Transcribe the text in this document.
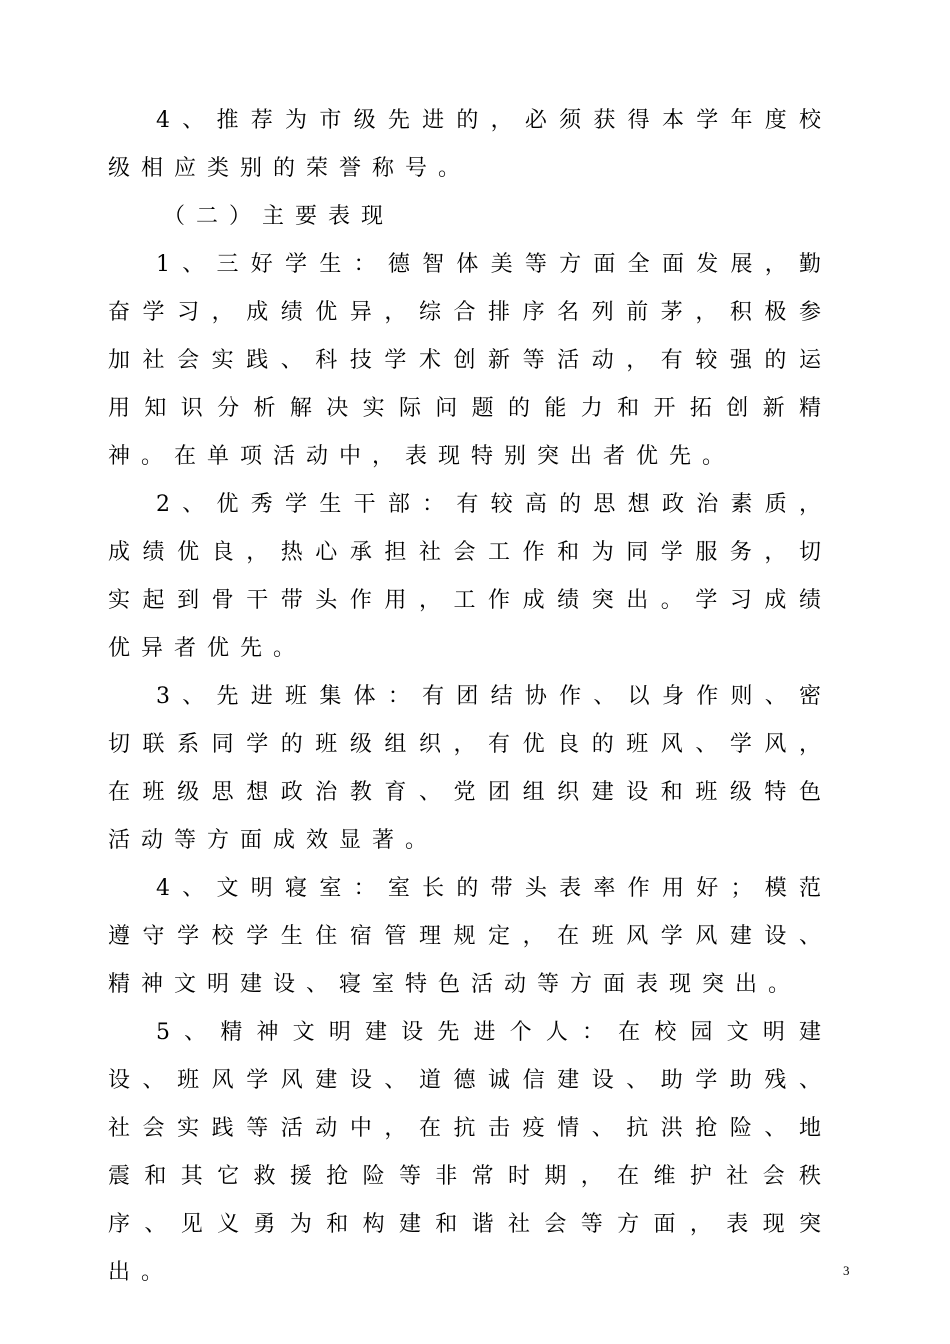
4、推荐为市级先进的，必须获得本学年度校级相应类别的荣誉称号。

（二）主要表现

1、三好学生：德智体美等方面全面发展，勤奋学习，成绩优异，综合排序名列前茅，积极参加社会实践、科技学术创新等活动，有较强的运用知识分析解决实际问题的能力和开拓创新精神。在单项活动中，表现特别突出者优先。

2、优秀学生干部：有较高的思想政治素质，成绩优良，热心承担社会工作和为同学服务，切实起到骨干带头作用，工作成绩突出。学习成绩优异者优先。

3、先进班集体：有团结协作、以身作则、密切联系同学的班级组织，有优良的班风、学风，在班级思想政治教育、党团组织建设和班级特色活动等方面成效显著。

4、文明寝室：室长的带头表率作用好；模范遵守学校学生住宿管理规定，在班风学风建设、精神文明建设、寝室特色活动等方面表现突出。

5、精神文明建设先进个人：在校园文明建设、班风学风建设、道德诚信建设、助学助残、社会实践等活动中，在抗击疫情、抗洪抢险、地震和其它救援抢险等非常时期，在维护社会秩序、见义勇为和构建和谐社会等方面，表现突出。	3
